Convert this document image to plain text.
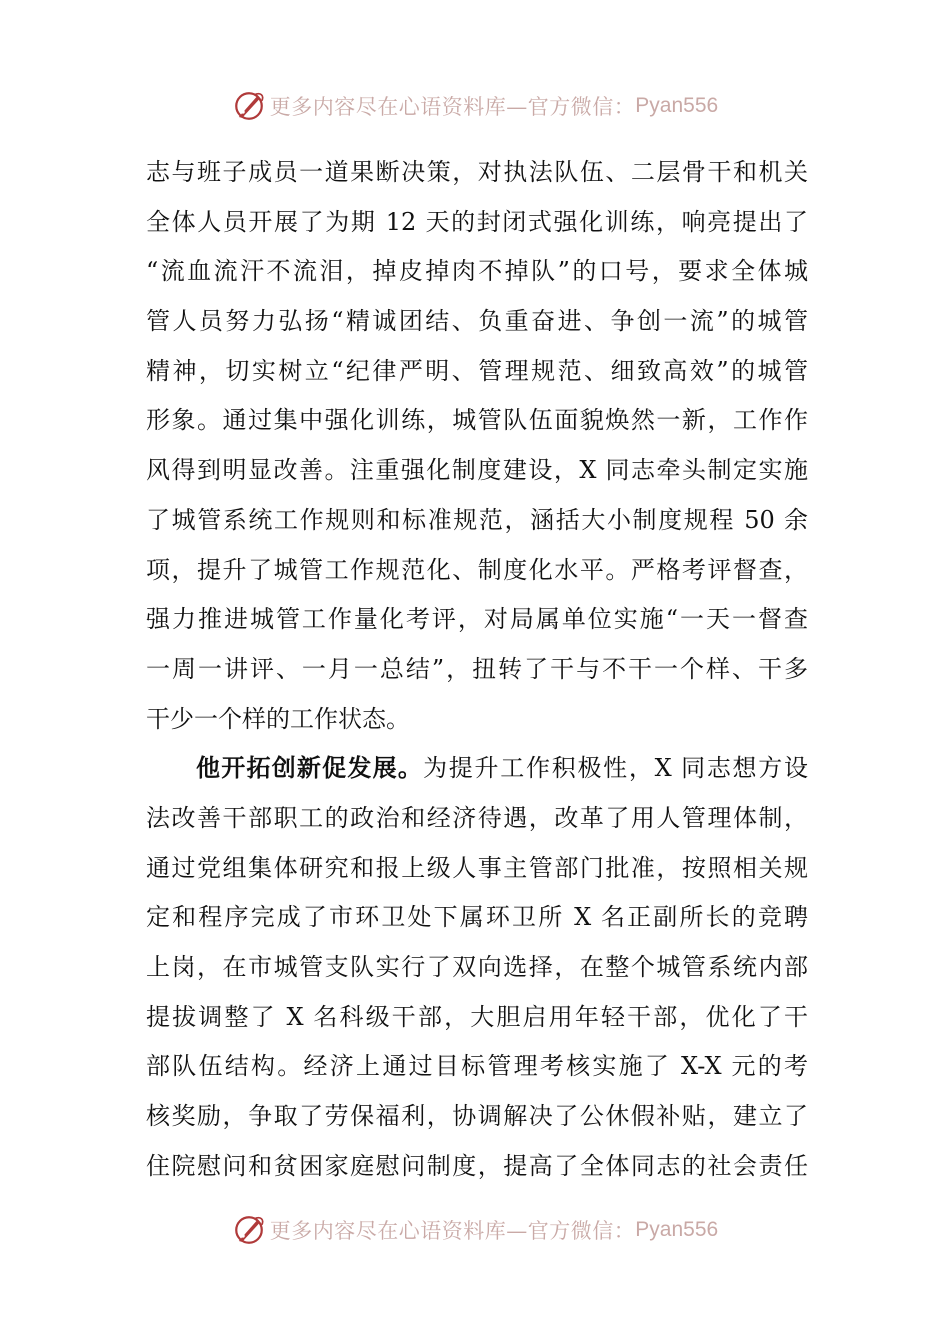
更多内容尽在心语资料库—官方微信： Pyan556
志与班子成员一道果断决策，对执法队伍、二层骨干和机关
全体人员开展了为期 12 天的封闭式强化训练，响亮提出了
“流血流汗不流泪，掉皮掉肉不掉队”的口号，要求全体城
管人员努力弘扬“精诚团结、负重奋进、争创一流”的城管
精神，切实树立“纪律严明、管理规范、细致高效”的城管
形象。通过集中强化训练，城管队伍面貌焕然一新，工作作
风得到明显改善。注重强化制度建设，X 同志牵头制定实施
了城管系统工作规则和标准规范，涵括大小制度规程 50 余
项，提升了城管工作规范化、制度化水平。严格考评督查，
强力推进城管工作量化考评，对局属单位实施“一天一督查
一周一讲评、一月一总结”，扭转了干与不干一个样、干多
干少一个样的工作状态。
他开拓创新促发展。为提升工作积极性，X 同志想方设
法改善干部职工的政治和经济待遇，改革了用人管理体制，
通过党组集体研究和报上级人事主管部门批准，按照相关规
定和程序完成了市环卫处下属环卫所 X 名正副所长的竞聘
上岗，在市城管支队实行了双向选择，在整个城管系统内部
提拔调整了 X 名科级干部，大胆启用年轻干部，优化了干
部队伍结构。经济上通过目标管理考核实施了 X-X 元的考
核奖励，争取了劳保福利，协调解决了公休假补贴，建立了
住院慰问和贫困家庭慰问制度，提高了全体同志的社会责任
更多内容尽在心语资料库—官方微信： Pyan556
